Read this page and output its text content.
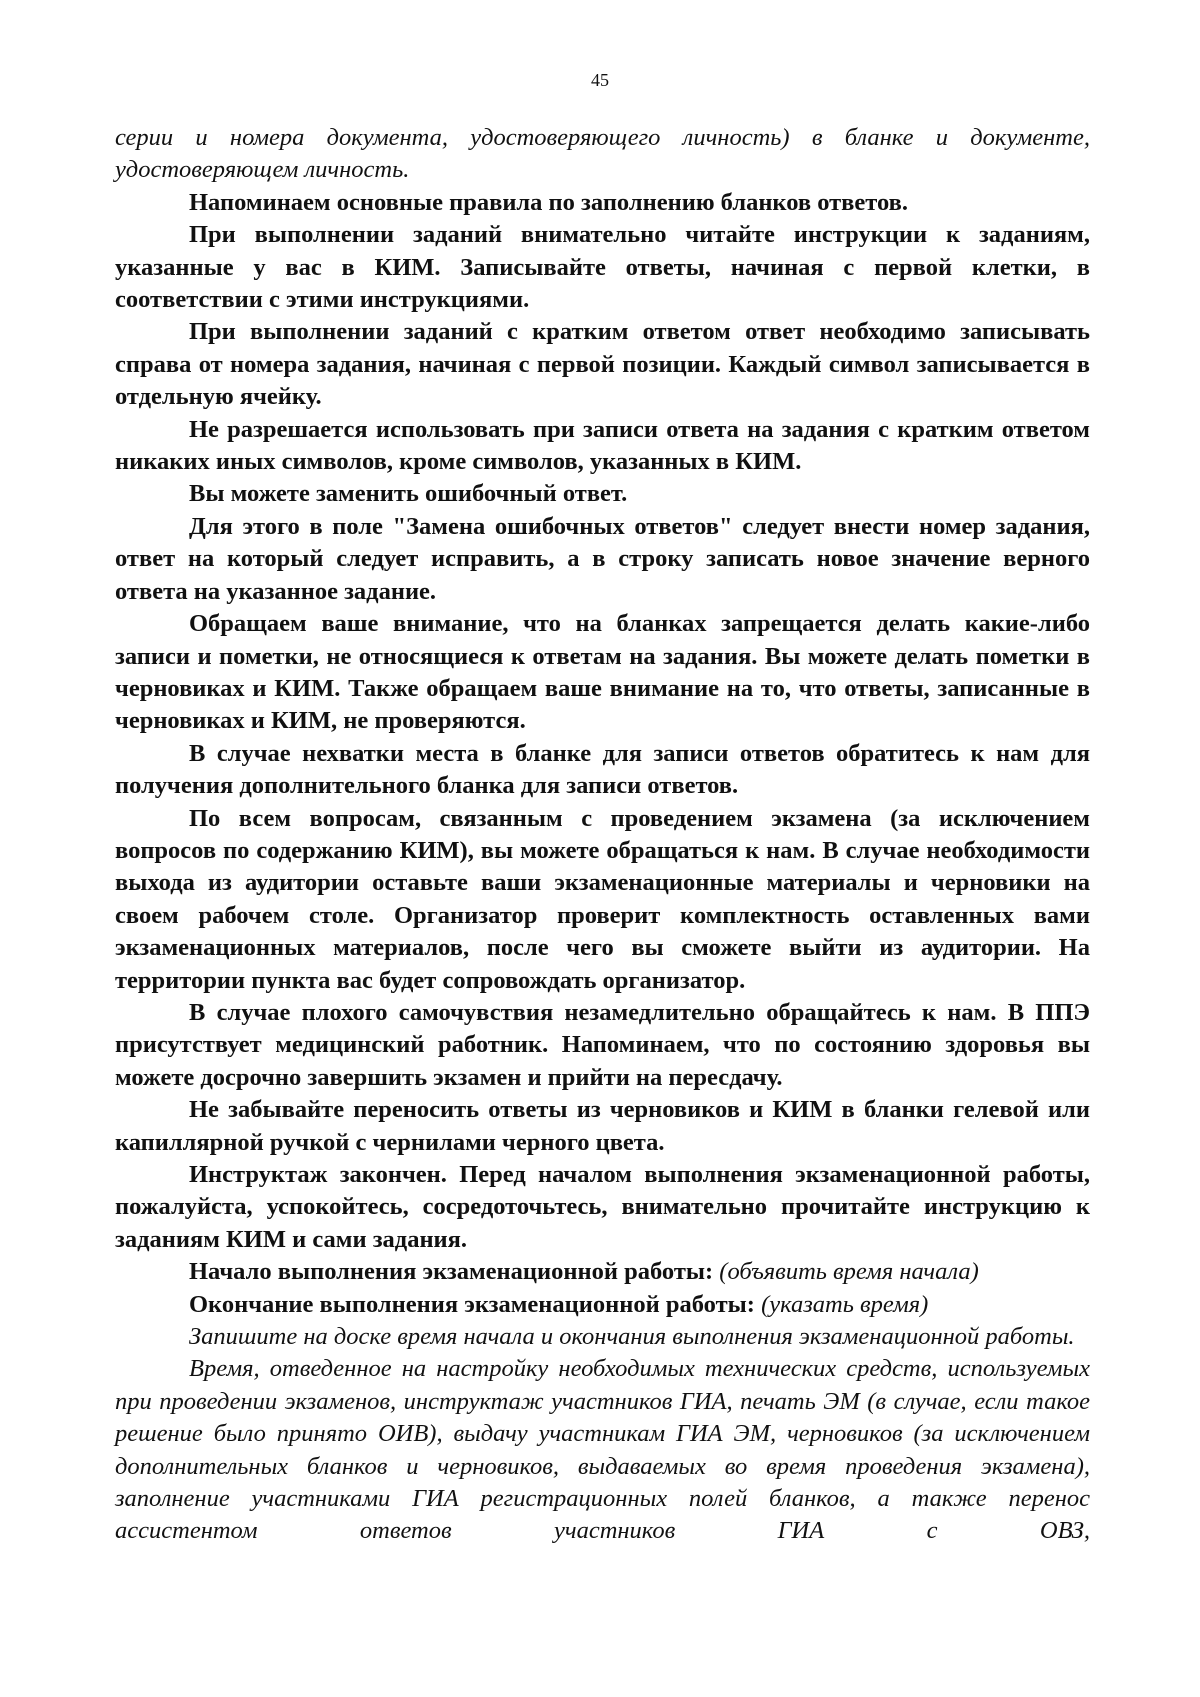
45

серии и номера документа, удостоверяющего личность) в бланке и документе, удостоверяющем личность.

Напоминаем основные правила по заполнению бланков ответов.

При выполнении заданий внимательно читайте инструкции к заданиям, указанные у вас в КИМ. Записывайте ответы, начиная с первой клетки, в соответствии с этими инструкциями.

При выполнении заданий с кратким ответом ответ необходимо записывать справа от номера задания, начиная с первой позиции. Каждый символ записывается в отдельную ячейку.

Не разрешается использовать при записи ответа на задания с кратким ответом никаких иных символов, кроме символов, указанных в КИМ.

Вы можете заменить ошибочный ответ.

Для этого в поле "Замена ошибочных ответов" следует внести номер задания, ответ на который следует исправить, а в строку записать новое значение верного ответа на указанное задание.

Обращаем ваше внимание, что на бланках запрещается делать какие-либо записи и пометки, не относящиеся к ответам на задания. Вы можете делать пометки в черновиках и КИМ. Также обращаем ваше внимание на то, что ответы, записанные в черновиках и КИМ, не проверяются.

В случае нехватки места в бланке для записи ответов обратитесь к нам для получения дополнительного бланка для записи ответов.

По всем вопросам, связанным с проведением экзамена (за исключением вопросов по содержанию КИМ), вы можете обращаться к нам. В случае необходимости выхода из аудитории оставьте ваши экзаменационные материалы и черновики на своем рабочем столе. Организатор проверит комплектность оставленных вами экзаменационных материалов, после чего вы сможете выйти из аудитории. На территории пункта вас будет сопровождать организатор.

В случае плохого самочувствия незамедлительно обращайтесь к нам. В ППЭ присутствует медицинский работник. Напоминаем, что по состоянию здоровья вы можете досрочно завершить экзамен и прийти на пересдачу.

Не забывайте переносить ответы из черновиков и КИМ в бланки гелевой или капиллярной ручкой с чернилами черного цвета.

Инструктаж закончен. Перед началом выполнения экзаменационной работы, пожалуйста, успокойтесь, сосредоточьтесь, внимательно прочитайте инструкцию к заданиям КИМ и сами задания.

Начало выполнения экзаменационной работы: (объявить время начала)

Окончание выполнения экзаменационной работы: (указать время)

Запишите на доске время начала и окончания выполнения экзаменационной работы.

Время, отведенное на настройку необходимых технических средств, используемых при проведении экзаменов, инструктаж участников ГИА, печать ЭМ (в случае, если такое решение было принято ОИВ), выдачу участникам ГИА ЭМ, черновиков (за исключением дополнительных бланков и черновиков, выдаваемых во время проведения экзамена), заполнение участниками ГИА регистрационных полей бланков, а также перенос ассистентом ответов участников ГИА с ОВЗ,
